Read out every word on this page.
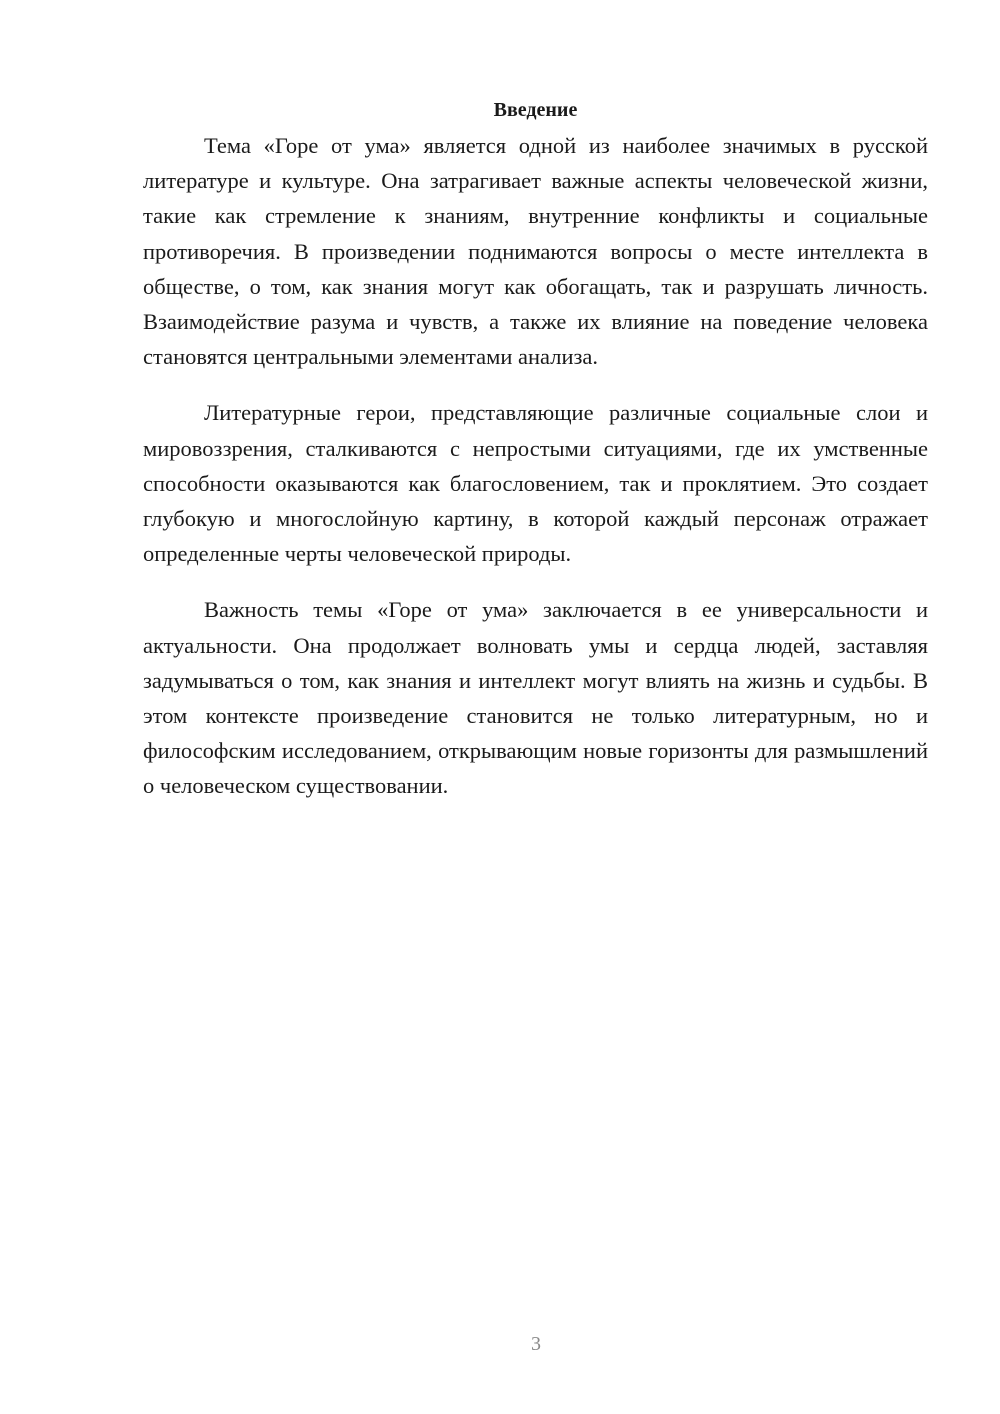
Введение

Тема «Горе от ума» является одной из наиболее значимых в русской литературе и культуре. Она затрагивает важные аспекты человеческой жизни, такие как стремление к знаниям, внутренние конфликты и социальные противоречия. В произведении поднимаются вопросы о месте интеллекта в обществе, о том, как знания могут как обогащать, так и разрушать личность. Взаимодействие разума и чувств, а также их влияние на поведение человека становятся центральными элементами анализа.

Литературные герои, представляющие различные социальные слои и мировоззрения, сталкиваются с непростыми ситуациями, где их умственные способности оказываются как благословением, так и проклятием. Это создает глубокую и многослойную картину, в которой каждый персонаж отражает определенные черты человеческой природы.

Важность темы «Горе от ума» заключается в ее универсальности и актуальности. Она продолжает волновать умы и сердца людей, заставляя задумываться о том, как знания и интеллект могут влиять на жизнь и судьбы. В этом контексте произведение становится не только литературным, но и философским исследованием, открывающим новые горизонты для размышлений о человеческом существовании.

3
